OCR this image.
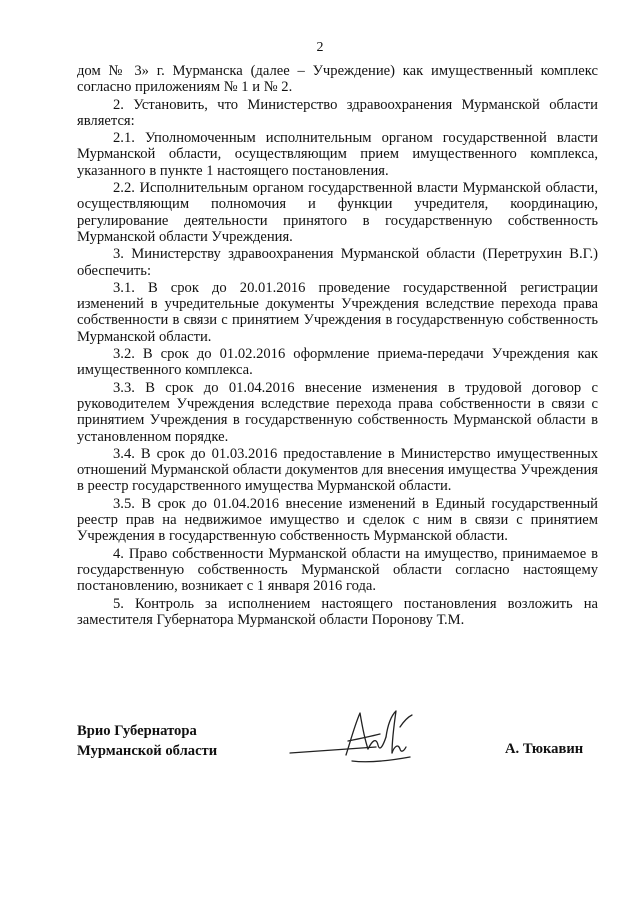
2

дом № 3» г. Мурманска (далее – Учреждение) как имущественный комплекс согласно приложениям № 1 и № 2.

2. Установить, что Министерство здравоохранения Мурманской области является:

2.1. Уполномоченным исполнительным органом государственной власти Мурманской области, осуществляющим прием имущественного комплекса, указанного в пункте 1 настоящего постановления.

2.2. Исполнительным органом государственной власти Мурманской области, осуществляющим полномочия и функции учредителя, координацию, регулирование деятельности принятого в государственную собственность Мурманской области Учреждения.

3. Министерству здравоохранения Мурманской области (Перетрухин В.Г.) обеспечить:

3.1. В срок до 20.01.2016 проведение государственной регистрации изменений в учредительные документы Учреждения вследствие перехода права собственности в связи с принятием Учреждения в государственную собственность Мурманской области.

3.2. В срок до 01.02.2016 оформление приема-передачи Учреждения как имущественного комплекса.

3.3. В срок до 01.04.2016 внесение изменения в трудовой договор с руководителем Учреждения вследствие перехода права собственности в связи с принятием Учреждения в государственную собственность Мурманской области в установленном порядке.

3.4. В срок до 01.03.2016 предоставление в Министерство имущественных отношений Мурманской области документов для внесения имущества Учреждения в реестр государственного имущества Мурманской области.

3.5. В срок до 01.04.2016 внесение изменений в Единый государственный реестр прав на недвижимое имущество и сделок с ним в связи с принятием Учреждения в государственную собственность Мурманской области.

4. Право собственности Мурманской области на имущество, принимаемое в государственную собственность Мурманской области согласно настоящему постановлению, возникает с 1 января 2016 года.

5. Контроль за исполнением настоящего постановления возложить на заместителя Губернатора Мурманской области Поронову Т.М.

Врио Губернатора
Мурманской области	А. Тюкавин
